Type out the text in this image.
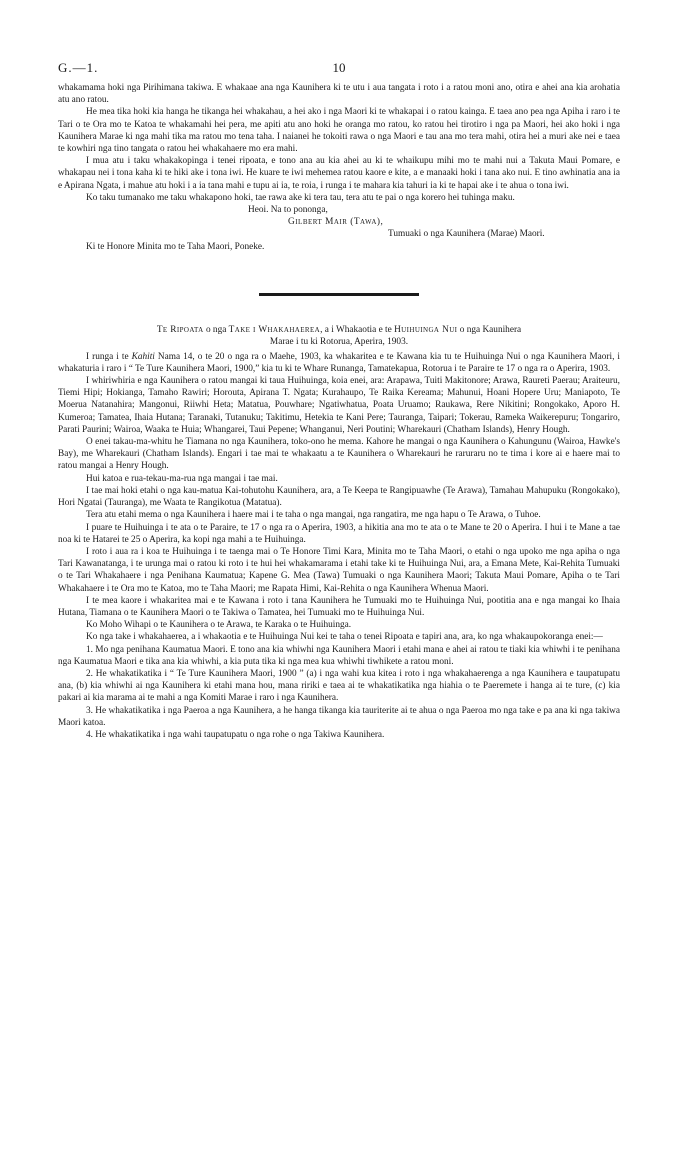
G.—1.	10

whakamama hoki nga Pirihimana takiwa. E whakaae ana nga Kaunihera ki te utu i aua tangata i roto i a ratou moni ano, otira e ahei ana kia arohatia atu ano ratou.

He mea tika hoki kia hanga he tikanga hei whakahau, a hei ako i nga Maori ki te whakapai i o ratou kainga. E taea ano pea nga Apiha i raro i te Tari o te Ora mo te Katoa te whakamahi hei pera, me apiti atu ano hoki he oranga mo ratou, ko ratou hei tirotiro i nga pa Maori, hei ako hoki i nga Kaunihera Marae ki nga mahi tika ma ratou mo tena taha. I naianei he tokoiti rawa o nga Maori e tau ana mo tera mahi, otira hei a muri ake nei e taea te kowhiri nga tino tangata o ratou hei whakahaere mo era mahi.

I mua atu i taku whakakopinga i tenei ripoata, e tono ana au kia ahei au ki te whaikupu mihi mo te mahi nui a Takuta Maui Pomare, e whakapau nei i tona kaha ki te hiki ake i tona iwi. He kuare te iwi mehemea ratou kaore e kite, a e manaaki hoki i tana ako nui. E tino awhinatia ana ia e Apirana Ngata, i mahue atu hoki i a ia tana mahi e tupu ai ia, te roia, i runga i te mahara kia tahuri ia ki te hapai ake i te ahua o tona iwi.

Ko taku tumanako me taku whakapono hoki, tae rawa ake ki tera tau, tera atu te pai o nga korero hei tuhinga maku.

Heoi. Na to pononga,
Gilbert Mair (Tawa),
Tumuaki o nga Kaunihera (Marae) Maori.

Ki te Honore Minita mo te Taha Maori, Poneke.

Te Ripoata o nga Take i Whakahaerea, a i Whakaotia e te Huihuinga Nui o nga Kaunihera
Marae i tu ki Rotorua, Aperira, 1903.

I runga i te Kahiti Nama 14, o te 20 o nga ra o Maehe, 1903, ka whakaritea e te Kawana kia tu te Huihuinga Nui o nga Kaunihera Maori, i whakaturia i raro i “ Te Ture Kaunihera Maori, 1900,” kia tu ki te Whare Runanga, Tamatekapua, Rotorua i te Paraire te 17 o nga ra o Aperira, 1903.

I whiriwhiria e nga Kaunihera o ratou mangai ki taua Huihuinga, koia enei, ara: Arapawa, Tuiti Makitonore; Arawa, Raureti Paerau; Araiteuru, Tiemi Hipi; Hokianga, Tamaho Rawiri; Horouta, Apirana T. Ngata; Kurahaupo, Te Raika Kereama; Mahunui, Hoani Hopere Uru; Maniapoto, Te Moerua Natanahira; Mangonui, Riiwhi Heta; Matatua, Pouwhare; Ngatiwhatua, Poata Uruamo; Raukawa, Rere Nikitini; Rongokako, Aporo H. Kumeroa; Tamatea, Ihaia Hutana; Taranaki, Tutanuku; Takitimu, Hetekia te Kani Pere; Tauranga, Taipari; Tokerau, Rameka Waikerepuru; Tongariro, Parati Paurini; Wairoa, Waaka te Huia; Whangarei, Taui Pepene; Whanganui, Neri Poutini; Wharekauri (Chatham Islands), Henry Hough.

O enei takau-ma-whitu he Tiamana no nga Kaunihera, toko-ono he mema. Kahore he mangai o nga Kaunihera o Kahungunu (Wairoa, Hawke's Bay), me Wharekauri (Chatham Islands). Engari i tae mai te whakaatu a te Kaunihera o Wharekauri he raruraru no te tima i kore ai e haere mai to ratou mangai a Henry Hough.

Hui katoa e rua-tekau-ma-rua nga mangai i tae mai.

I tae mai hoki etahi o nga kau-matua Kai-tohutohu Kaunihera, ara, a Te Keepa te Rangipuawhe (Te Arawa), Tamahau Mahupuku (Rongokako), Hori Ngatai (Tauranga), me Waata te Rangikotua (Matatua).

Tera atu etahi mema o nga Kaunihera i haere mai i te taha o nga mangai, nga rangatira, me nga hapu o Te Arawa, o Tuhoe.

I puare te Huihuinga i te ata o te Paraire, te 17 o nga ra o Aperira, 1903, a hikitia ana mo te ata o te Mane te 20 o Aperira. I hui i te Mane a tae noa ki te Hatarei te 25 o Aperira, ka kopi nga mahi a te Huihuinga.

I roto i aua ra i koa te Huihuinga i te taenga mai o Te Honore Timi Kara, Minita mo te Taha Maori, o etahi o nga upoko me nga apiha o nga Tari Kawanatanga, i te urunga mai o ratou ki roto i te hui hei whakamarama i etahi take ki te Huihuinga Nui, ara, a Emana Mete, Kai-Rehita Tumuaki o te Tari Whakahaere i nga Penihana Kaumatua; Kapene G. Mea (Tawa) Tumuaki o nga Kaunihera Maori; Takuta Maui Pomare, Apiha o te Tari Whakahaere i te Ora mo te Katoa, mo te Taha Maori; me Rapata Himi, Kai-Rehita o nga Kaunihera Whenua Maori.

I te mea kaore i whakaritea mai e te Kawana i roto i tana Kaunihera he Tumuaki mo te Huihuinga Nui, pootitia ana e nga mangai ko Ihaia Hutana, Tiamana o te Kaunihera Maori o te Takiwa o Tamatea, hei Tumuaki mo te Huihuinga Nui.

Ko Moho Wihapi o te Kaunihera o te Arawa, te Karaka o te Huihuinga.

Ko nga take i whakahaerea, a i whakaotia e te Huihuinga Nui kei te taha o tenei Ripoata e tapiri ana, ara, ko nga whakaupokoranga enei:—

1. Mo nga penihana Kaumatua Maori. E tono ana kia whiwhi nga Kaunihera Maori i etahi mana e ahei ai ratou te tiaki kia whiwhi i te penihana nga Kaumatua Maori e tika ana kia whiwhi, a kia puta tika ki nga mea kua whiwhi tiwhikete a ratou moni.

2. He whakatikatika i “ Te Ture Kaunihera Maori, 1900 ” (a) i nga wahi kua kitea i roto i nga whakahaerenga a nga Kaunihera e taupatupatu ana, (b) kia whiwhi ai nga Kaunihera ki etahi mana hou, mana ririki e taea ai te whakatikatika nga hiahia o te Paeremete i hanga ai te ture, (c) kia pakari ai kia marama ai te mahi a nga Komiti Marae i raro i nga Kaunihera.

3. He whakatikatika i nga Paeroa a nga Kaunihera, a he hanga tikanga kia tauriterite ai te ahua o nga Paeroa mo nga take e pa ana ki nga takiwa Maori katoa.

4. He whakatikatika i nga wahi taupatupatu o nga rohe o nga Takiwa Kaunihera.
